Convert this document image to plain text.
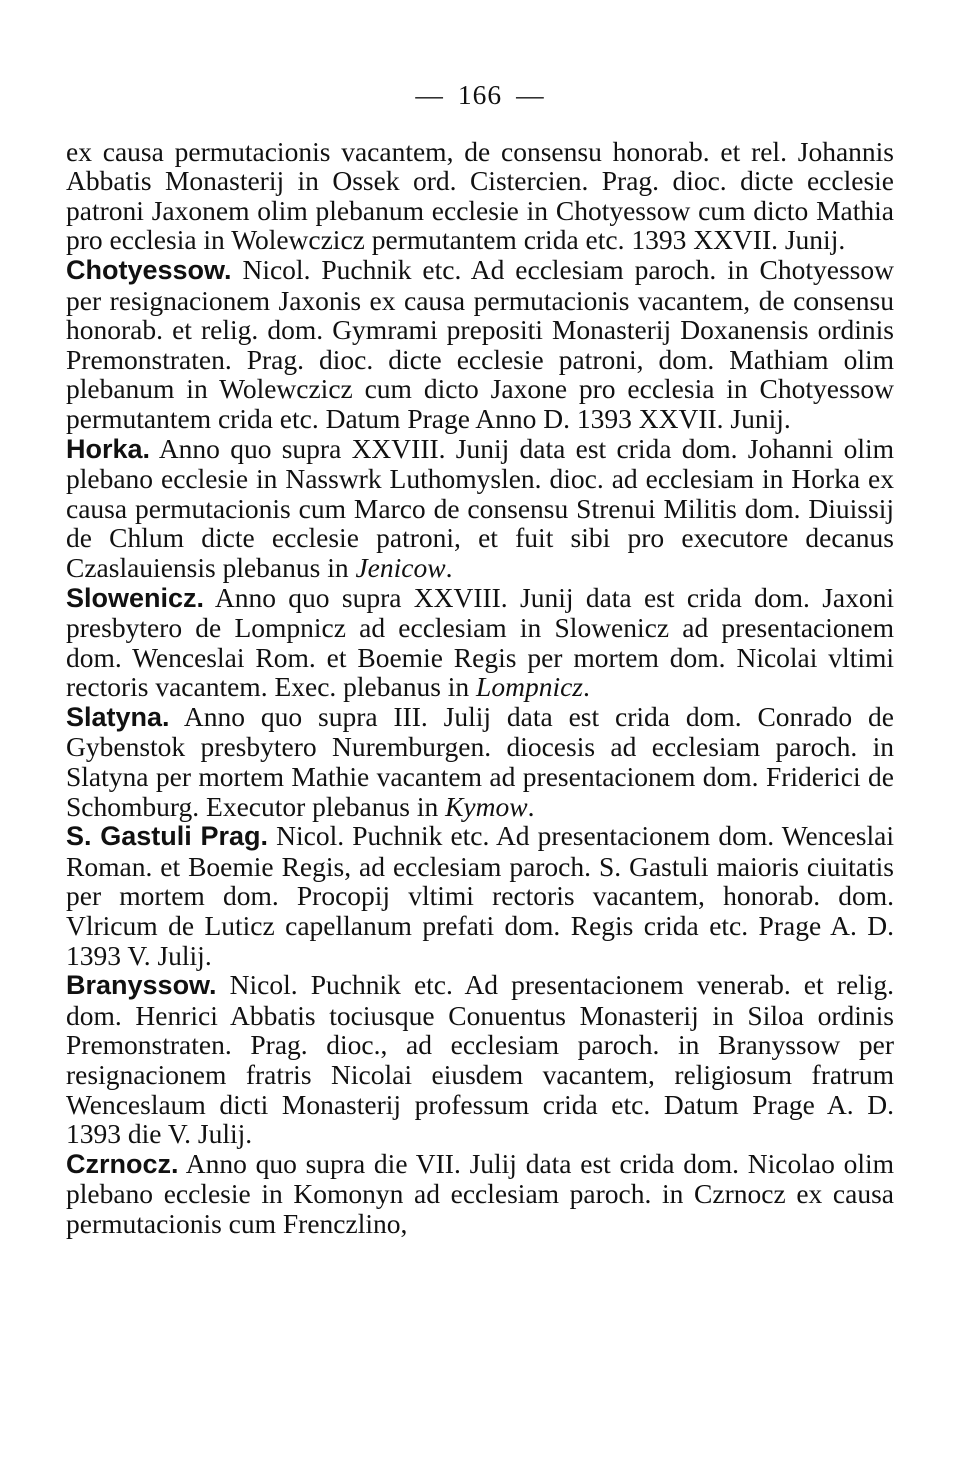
— 166 —

ex causa permutacionis vacantem, de consensu honorab. et rel. Johannis Abbatis Monasterij in Ossek ord. Cistercien. Prag. dioc. dicte ecclesie patroni Jaxonem olim plebanum ecclesie in Chotyessow cum dicto Mathia pro ecclesia in Wolewczicz permutantem crida etc. 1393 XXVII. Junij.

Chotyessow. Nicol. Puchnik etc. Ad ecclesiam paroch. in Chotyessow per resignacionem Jaxonis ex causa permutacionis vacantem, de consensu honorab. et relig. dom. Gymrami prepositi Monasterij Doxanensis ordinis Premonstraten. Prag. dioc. dicte ecclesie patroni, dom. Mathiam olim plebanum in Wolewczicz cum dicto Jaxone pro ecclesia in Chotyessow permutantem crida etc. Datum Prage Anno D. 1393 XXVII. Junij.

Horka. Anno quo supra XXVIII. Junij data est crida dom. Johanni olim plebano ecclesie in Nasswrk Luthomyslen. dioc. ad ecclesiam in Horka ex causa permutacionis cum Marco de consensu Strenui Militis dom. Diuissij de Chlum dicte ecclesie patroni, et fuit sibi pro executore decanus Czaslauiensis plebanus in Jenicow.

Slowenicz. Anno quo supra XXVIII. Junij data est crida dom. Jaxoni presbytero de Lompnicz ad ecclesiam in Slowenicz ad presentacionem dom. Wenceslai Rom. et Boemie Regis per mortem dom. Nicolai vltimi rectoris vacantem. Exec. plebanus in Lompnicz.

Slatyna. Anno quo supra III. Julij data est crida dom. Conrado de Gybenstok presbytero Nuremburgen. diocesis ad ecclesiam paroch. in Slatyna per mortem Mathie vacantem ad presentacionem dom. Friderici de Schomburg. Executor plebanus in Kymow.

S. Gastuli Prag. Nicol. Puchnik etc. Ad presentacionem dom. Wenceslai Roman. et Boemie Regis, ad ecclesiam paroch. S. Gastuli maioris ciuitatis per mortem dom. Procopij vltimi rectoris vacantem, honorab. dom. Vlricum de Luticz capellanum prefati dom. Regis crida etc. Prage A. D. 1393 V. Julij.

Branyssow. Nicol. Puchnik etc. Ad presentacionem venerab. et relig. dom. Henrici Abbatis tociusque Conuentus Monasterij in Siloa ordinis Premonstraten. Prag. dioc., ad ecclesiam paroch. in Branyssow per resignacionem fratris Nicolai eiusdem vacantem, religiosum fratrum Wenceslaum dicti Monasterij professum crida etc. Datum Prage A. D. 1393 die V. Julij.

Czrnocz. Anno quo supra die VII. Julij data est crida dom. Nicolao olim plebano ecclesie in Komonyn ad ecclesiam paroch. in Czrnocz ex causa permutacionis cum Frenczlino,
